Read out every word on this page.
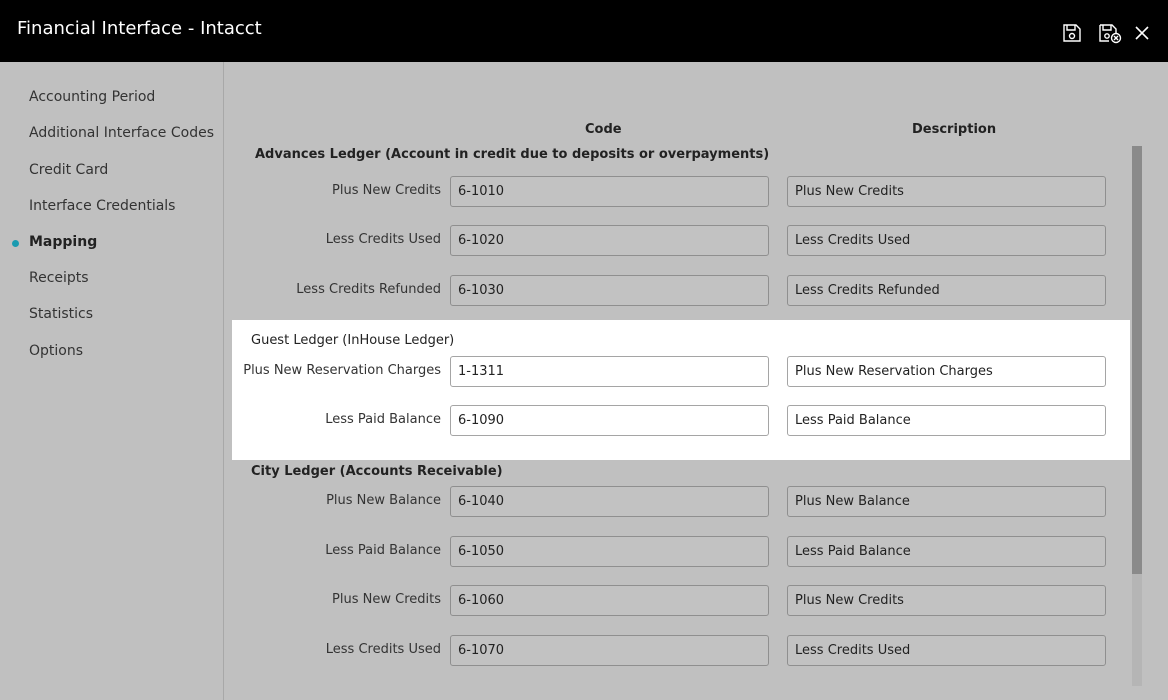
Financial Interface - Intacct
Accounting Period
Additional Interface Codes
Credit Card
Interface Credentials
Mapping
Receipts
Statistics
Options
Code	Description
Advances Ledger (Account in credit due to deposits or overpayments)
Plus New Credits
6-1010
Plus New Credits
Less Credits Used
6-1020
Less Credits Used
Less Credits Refunded
6-1030
Less Credits Refunded
Guest Ledger (InHouse Ledger)
Plus New Reservation Charges
1-1311
Plus New Reservation Charges
Less Paid Balance
6-1090
Less Paid Balance
City Ledger (Accounts Receivable)
Plus New Balance
6-1040
Plus New Balance
Less Paid Balance
6-1050
Less Paid Balance
Plus New Credits
6-1060
Plus New Credits
Less Credits Used
6-1070
Less Credits Used
